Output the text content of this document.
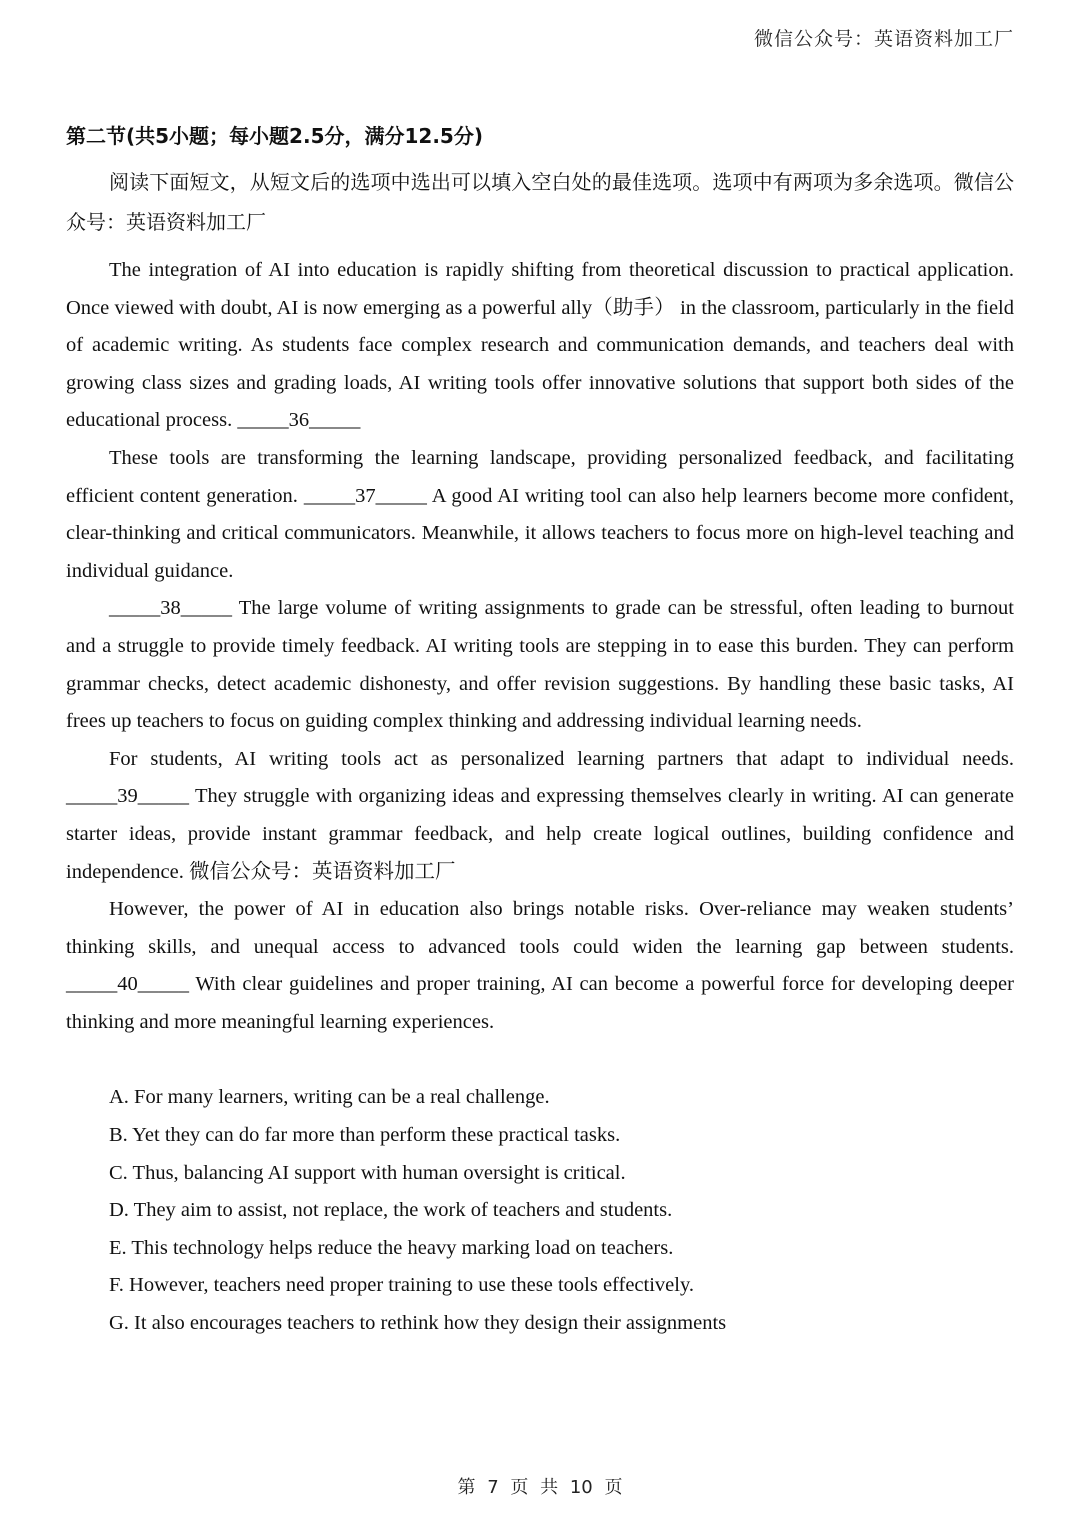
微信公众号：英语资料加工厂
第二节(共5小题；每小题2.5分，满分12.5分)

阅读下面短文，从短文后的选项中选出可以填入空白处的最佳选项。选项中有两项为多余选项。微信公众号：英语资料加工厂

The integration of AI into education is rapidly shifting from theoretical discussion to practical application. Once viewed with doubt, AI is now emerging as a powerful ally（助手） in the classroom, particularly in the field of academic writing. As students face complex research and communication demands, and teachers deal with growing class sizes and grading loads, AI writing tools offer innovative solutions that support both sides of the educational process. _____36_____

These tools are transforming the learning landscape, providing personalized feedback, and facilitating efficient content generation. _____37_____ A good AI writing tool can also help learners become more confident, clear-thinking and critical communicators. Meanwhile, it allows teachers to focus more on high-level teaching and individual guidance.

_____38_____ The large volume of writing assignments to grade can be stressful, often leading to burnout and a struggle to provide timely feedback. AI writing tools are stepping in to ease this burden. They can perform grammar checks, detect academic dishonesty, and offer revision suggestions. By handling these basic tasks, AI frees up teachers to focus on guiding complex thinking and addressing individual learning needs.

For students, AI writing tools act as personalized learning partners that adapt to individual needs. _____39_____ They struggle with organizing ideas and expressing themselves clearly in writing. AI can generate starter ideas, provide instant grammar feedback, and help create logical outlines, building confidence and independence. 微信公众号：英语资料加工厂

However, the power of AI in education also brings notable risks. Over-reliance may weaken students’ thinking skills, and unequal access to advanced tools could widen the learning gap between students. _____40_____ With clear guidelines and proper training, AI can become a powerful force for developing deeper thinking and more meaningful learning experiences.

A. For many learners, writing can be a real challenge.
B. Yet they can do far more than perform these practical tasks.
C. Thus, balancing AI support with human oversight is critical.
D. They aim to assist, not replace, the work of teachers and students.
E. This technology helps reduce the heavy marking load on teachers.
F. However, teachers need proper training to use these tools effectively.
G. It also encourages teachers to rethink how they design their assignments
第 7 页 共 10 页
